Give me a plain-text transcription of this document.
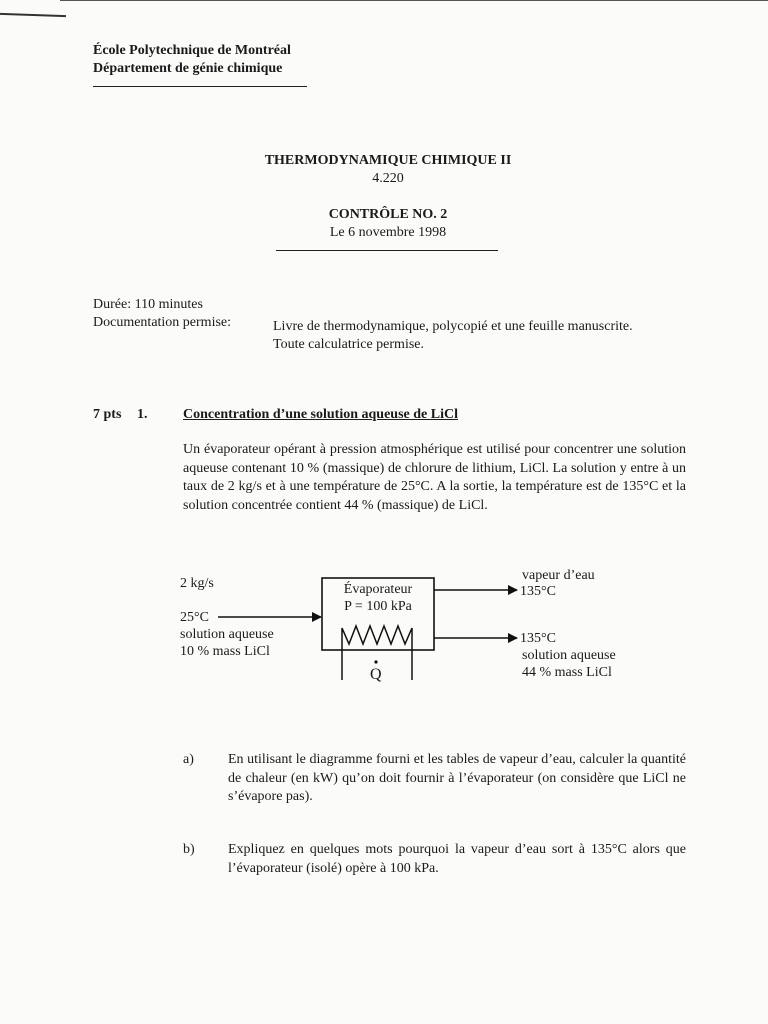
École Polytechnique de Montréal
Département de génie chimique
THERMODYNAMIQUE CHIMIQUE II
4.220
CONTRÔLE NO. 2
Le 6 novembre 1998
Durée: 110 minutes
Documentation permise:	Livre de thermodynamique, polycopié et une feuille manuscrite.
Toute calculatrice permise.
7 pts 1.	Concentration d’une solution aqueuse de LiCl
Un évaporateur opérant à pression atmosphérique est utilisé pour concentrer une solution aqueuse contenant 10 % (massique) de chlorure de lithium, LiCl. La solution y entre à un taux de 2 kg/s et à une température de 25°C. A la sortie, la température est de 135°C et la solution concentrée contient 44 % (massique) de LiCl.
2 kg/s
25°C
solution aqueuse
10 % mass LiCl
Évaporateur
P = 100 kPa
Q
vapeur d’eau
135°C
135°C
solution aqueuse
44 % mass LiCl
a) En utilisant le diagramme fourni et les tables de vapeur d’eau, calculer la quantité de chaleur (en kW) qu’on doit fournir à l’évaporateur (on considère que LiCl ne s’évapore pas).
b) Expliquez en quelques mots pourquoi la vapeur d’eau sort à 135°C alors que l’évaporateur (isolé) opère à 100 kPa.
